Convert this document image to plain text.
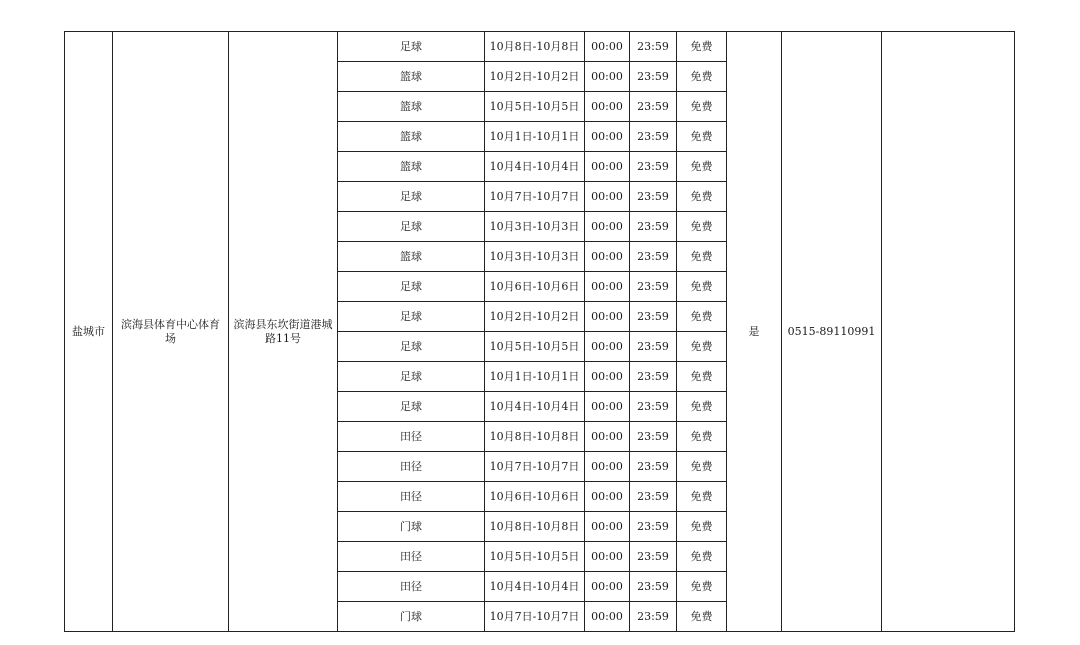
盐城市	滨海县体育中心体育场	滨海县东坎街道港城路11号	足球	10月8日-10月8日	00:00	23:59	免费	是	0515-89110991	
			篮球	10月2日-10月2日	00:00	23:59	免费			
			篮球	10月5日-10月5日	00:00	23:59	免费			
			篮球	10月1日-10月1日	00:00	23:59	免费			
			篮球	10月4日-10月4日	00:00	23:59	免费			
			足球	10月7日-10月7日	00:00	23:59	免费			
			足球	10月3日-10月3日	00:00	23:59	免费			
			篮球	10月3日-10月3日	00:00	23:59	免费			
			足球	10月6日-10月6日	00:00	23:59	免费			
			足球	10月2日-10月2日	00:00	23:59	免费			
			足球	10月5日-10月5日	00:00	23:59	免费			
			足球	10月1日-10月1日	00:00	23:59	免费			
			足球	10月4日-10月4日	00:00	23:59	免费			
			田径	10月8日-10月8日	00:00	23:59	免费			
			田径	10月7日-10月7日	00:00	23:59	免费			
			田径	10月6日-10月6日	00:00	23:59	免费			
			门球	10月8日-10月8日	00:00	23:59	免费			
			田径	10月5日-10月5日	00:00	23:59	免费			
			田径	10月4日-10月4日	00:00	23:59	免费			
			门球	10月7日-10月7日	00:00	23:59	免费			
